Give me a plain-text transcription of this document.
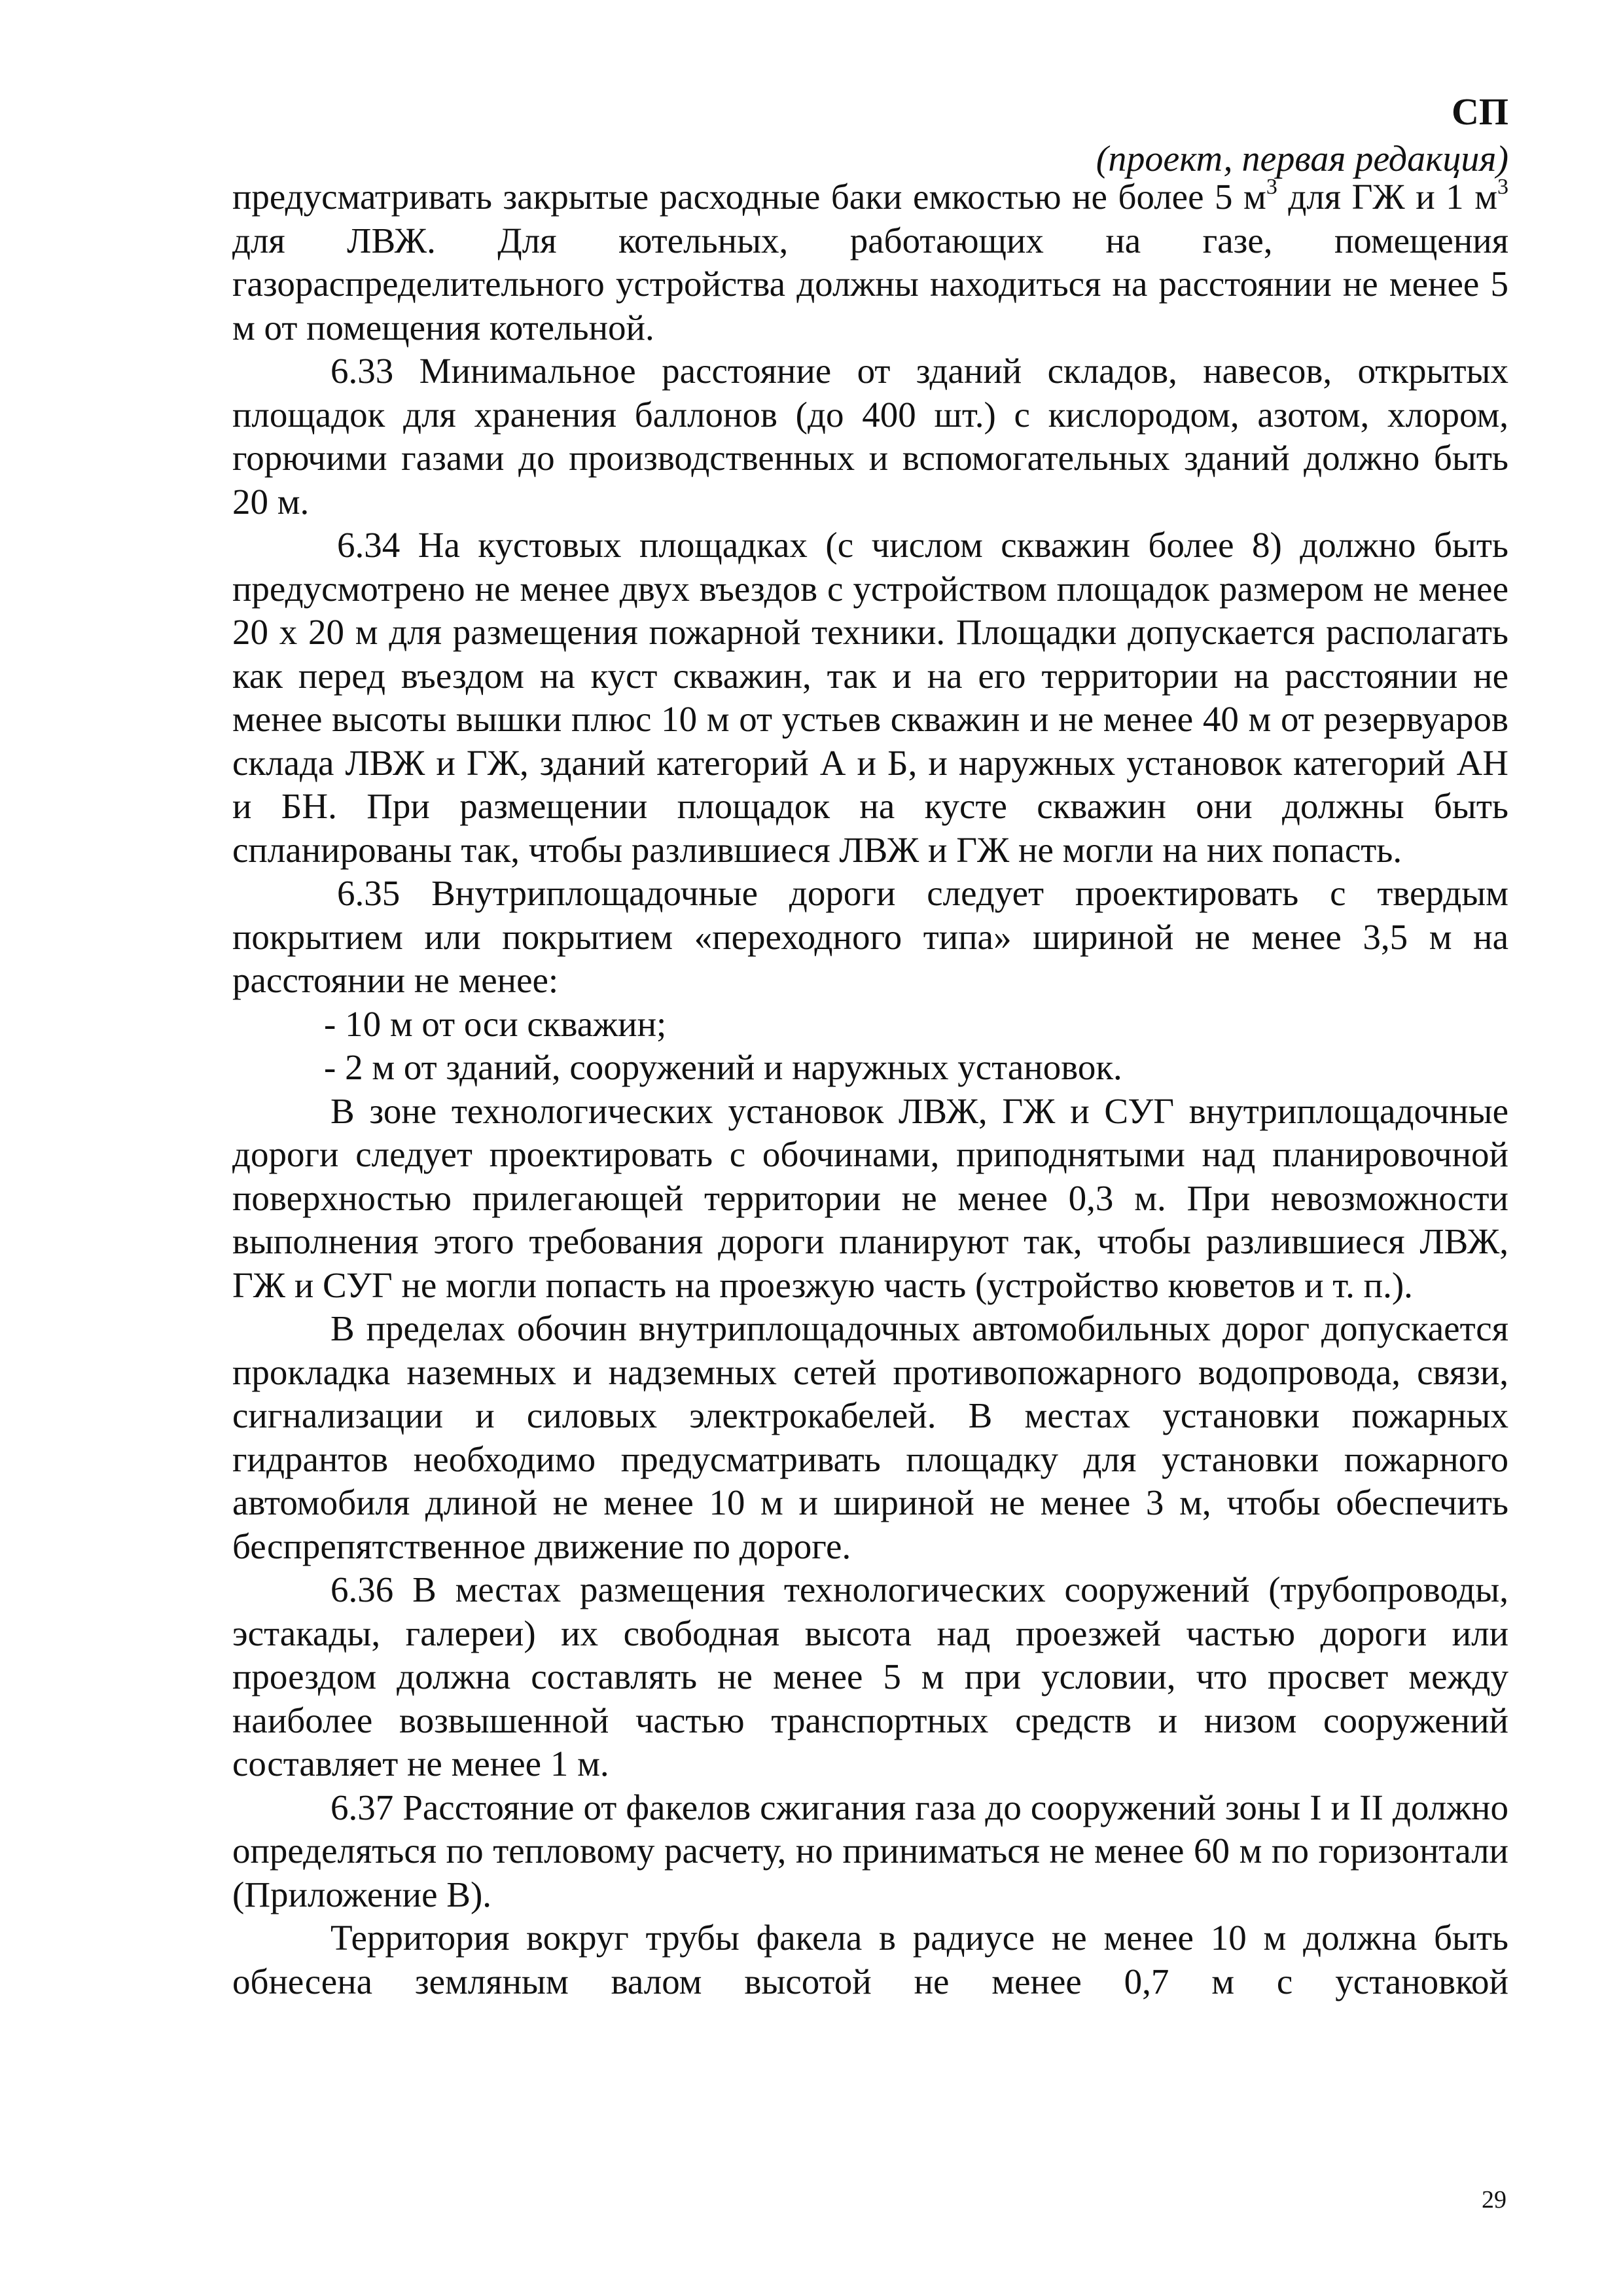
СП
(проект, первая редакция)

предусматривать закрытые расходные баки емкостью не более 5 $м^3$ для ГЖ и 1 $м^3$ для ЛВЖ. Для котельных, работающих на газе, помещения газораспределительного устройства должны находиться на расстоянии не менее 5 м от помещения котельной.

6.33 Минимальное расстояние от зданий складов, навесов, открытых площадок для хранения баллонов (до 400 шт.) с кислородом, азотом, хлором, горючими газами до производственных и вспомогательных зданий должно быть 20 м.

6.34 На кустовых площадках (с числом скважин более 8) должно быть предусмотрено не менее двух въездов с устройством площадок размером не менее 20 х 20 м для размещения пожарной техники. Площадки допускается располагать как перед въездом на куст скважин, так и на его территории на расстоянии не менее высоты вышки плюс 10 м от устьев скважин и не менее 40 м от резервуаров склада ЛВЖ и ГЖ, зданий категорий А и Б, и наружных установок категорий АН и БН. При размещении площадок на кусте скважин они должны быть спланированы так, чтобы разлившиеся ЛВЖ и ГЖ не могли на них попасть.

6.35 Внутриплощадочные дороги следует проектировать с твердым покрытием или покрытием «переходного типа» шириной не менее 3,5 м на расстоянии не менее:

- 10 м от оси скважин;

- 2 м от зданий, сооружений и наружных установок.

В зоне технологических установок ЛВЖ, ГЖ и СУГ внутриплощадочные дороги следует проектировать с обочинами, приподнятыми над планировочной поверхностью прилегающей территории не менее 0,3 м. При невозможности выполнения этого требования дороги планируют так, чтобы разлившиеся ЛВЖ, ГЖ и СУГ не могли попасть на проезжую часть (устройство кюветов и т. п.).

В пределах обочин внутриплощадочных автомобильных дорог допускается прокладка наземных и надземных сетей противопожарного водопровода, связи, сигнализации и силовых электрокабелей. В местах установки пожарных гидрантов необходимо предусматривать площадку для установки пожарного автомобиля длиной не менее 10 м и шириной не менее 3 м, чтобы обеспечить беспрепятственное движение по дороге.

6.36 В местах размещения технологических сооружений (трубопроводы, эстакады, галереи) их свободная высота над проезжей частью дороги или проездом должна составлять не менее 5 м при условии, что просвет между наиболее возвышенной частью транспортных средств и низом сооружений составляет не менее 1 м.

6.37 Расстояние от факелов сжигания газа до сооружений зоны I и II должно определяться по тепловому расчету, но приниматься не менее 60 м по горизонтали (Приложение В).

Территория вокруг трубы факела в радиусе не менее 10 м должна быть обнесена земляным валом высотой не менее 0,7 м с установкой

29
